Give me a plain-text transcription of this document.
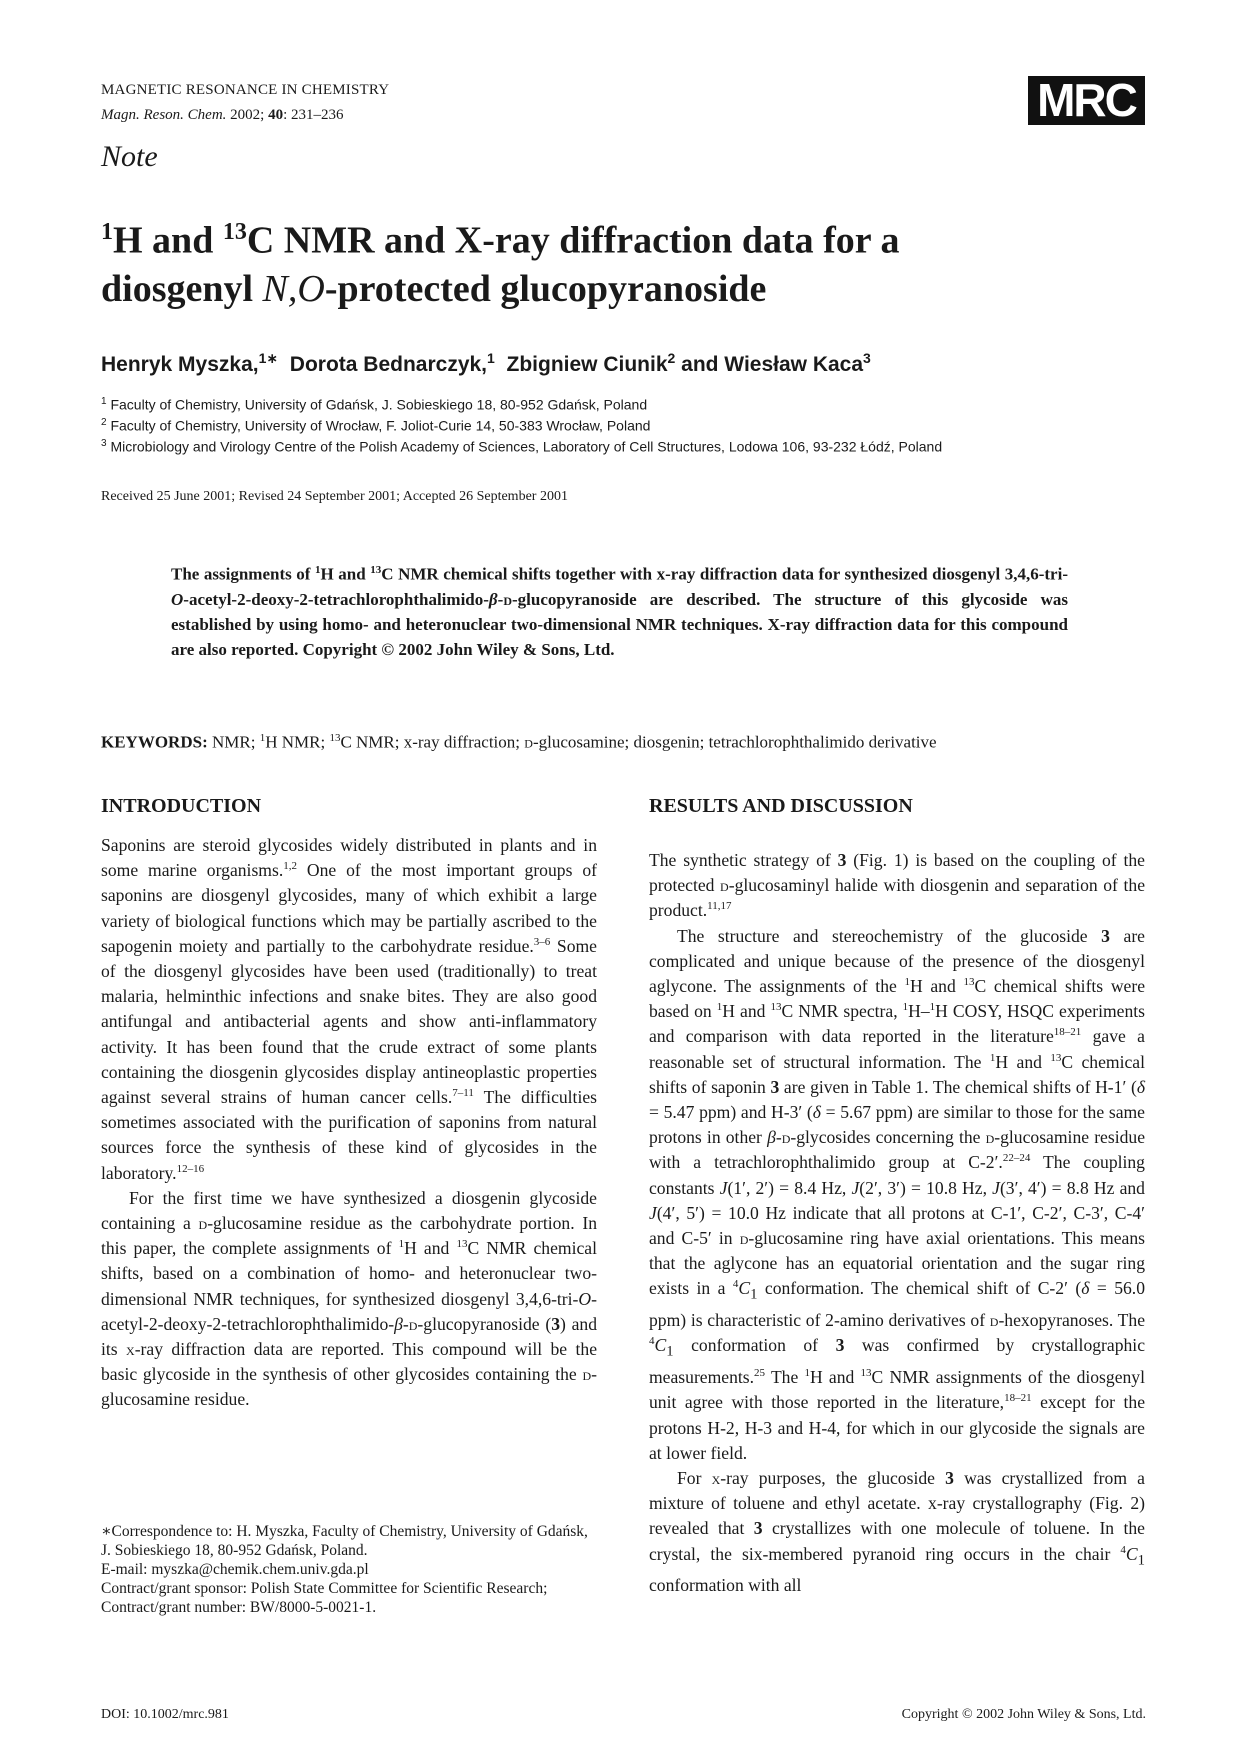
MAGNETIC RESONANCE IN CHEMISTRY
Magn. Reson. Chem. 2002; 40: 231–236	MRC
Note
$^1$H and $^{13}$C NMR and X-ray diffraction data for a
diosgenyl N,O-protected glucopyranoside
Henryk Myszka,$^{1∗}$ Dorota Bednarczyk,$^1$ Zbigniew Ciunik$^2$ and Wiesław Kaca$^3$
$^1$ Faculty of Chemistry, University of Gdańsk, J. Sobieskiego 18, 80-952 Gdańsk, Poland
$^2$ Faculty of Chemistry, University of Wrocław, F. Joliot-Curie 14, 50-383 Wrocław, Poland
$^3$ Microbiology and Virology Centre of the Polish Academy of Sciences, Laboratory of Cell Structures, Lodowa 106, 93-232 Łódź, Poland
Received 25 June 2001; Revised 24 September 2001; Accepted 26 September 2001
The assignments of $^1$H and $^{13}$C NMR chemical shifts together with x-ray diffraction data for synthesized diosgenyl 3,4,6-tri-O-acetyl-2-deoxy-2-tetrachlorophthalimido-β-d-glucopyranoside are described. The structure of this glycoside was established by using homo- and heteronuclear two-dimensional NMR techniques. X-ray diffraction data for this compound are also reported. Copyright © 2002 John Wiley & Sons, Ltd.
KEYWORDS: NMR; $^1$H NMR; $^{13}$C NMR; x-ray diffraction; d-glucosamine; diosgenin; tetrachlorophthalimido derivative
INTRODUCTION

Saponins are steroid glycosides widely distributed in plants and in some marine organisms.$^{1,2}$ One of the most important groups of saponins are diosgenyl glycosides, many of which exhibit a large variety of biological functions which may be partially ascribed to the sapogenin moiety and partially to the carbohydrate residue.$^{3-6}$ Some of the diosgenyl glycosides have been used (traditionally) to treat malaria, helminthic infections and snake bites. They are also good antifungal and antibacterial agents and show anti-inflammatory activity. It has been found that the crude extract of some plants containing the diosgenin glycosides display antineoplastic properties against several strains of human cancer cells.$^{7-11}$ The difficulties sometimes associated with the purification of saponins from natural sources force the synthesis of these kind of glycosides in the laboratory.$^{12-16}$

For the first time we have synthesized a diosgenin glycoside containing a d-glucosamine residue as the carbohydrate portion. In this paper, the complete assignments of $^1$H and $^{13}$C NMR chemical shifts, based on a combination of homo- and heteronuclear two-dimensional NMR techniques, for synthesized diosgenyl 3,4,6-tri-O-acetyl-2-deoxy-2-tetrachlorophthalimido-β-d-glucopyranoside (3) and its x-ray diffraction data are reported. This compound will be the basic glycoside in the synthesis of other glycosides containing the d-glucosamine residue.

∗Correspondence to: H. Myszka, Faculty of Chemistry, University of Gdańsk, J. Sobieskiego 18, 80-952 Gdańsk, Poland.
E-mail: myszka@chemik.chem.univ.gda.pl
Contract/grant sponsor: Polish State Committee for Scientific Research; Contract/grant number: BW/8000-5-0021-1.
RESULTS AND DISCUSSION

The synthetic strategy of 3 (Fig. 1) is based on the coupling of the protected d-glucosaminyl halide with diosgenin and separation of the product.$^{11,17}$

The structure and stereochemistry of the glucoside 3 are complicated and unique because of the presence of the diosgenyl aglycone. The assignments of the $^1$H and $^{13}$C chemical shifts were based on $^1$H and $^{13}$C NMR spectra, $^1$H–$^1$H COSY, HSQC experiments and comparison with data reported in the literature$^{18-21}$ gave a reasonable set of structural information. The $^1$H and $^{13}$C chemical shifts of saponin 3 are given in Table 1. The chemical shifts of H-1′ (δ = 5.47 ppm) and H-3′ (δ = 5.67 ppm) are similar to those for the same protons in other β-d-glycosides concerning the d-glucosamine residue with a tetrachlorophthalimido group at C-2′.$^{22-24}$ The coupling constants J(1′, 2′) = 8.4 Hz, J(2′, 3′) = 10.8 Hz, J(3′, 4′) = 8.8 Hz and J(4′, 5′) = 10.0 Hz indicate that all protons at C-1′, C-2′, C-3′, C-4′ and C-5′ in d-glucosamine ring have axial orientations. This means that the aglycone has an equatorial orientation and the sugar ring exists in a $^4C_1$ conformation. The chemical shift of C-2′ (δ = 56.0 ppm) is characteristic of 2-amino derivatives of d-hexopyranoses. The $^4C_1$ conformation of 3 was confirmed by crystallographic measurements.$^{25}$ The $^1$H and $^{13}$C NMR assignments of the diosgenyl unit agree with those reported in the literature,$^{18-21}$ except for the protons H-2, H-3 and H-4, for which in our glycoside the signals are at lower field.

For x-ray purposes, the glucoside 3 was crystallized from a mixture of toluene and ethyl acetate. x-ray crystallography (Fig. 2) revealed that 3 crystallizes with one molecule of toluene. In the crystal, the six-membered pyranoid ring occurs in the chair $^4C_1$ conformation with all

DOI: 10.1002/mrc.981	Copyright © 2002 John Wiley & Sons, Ltd.
